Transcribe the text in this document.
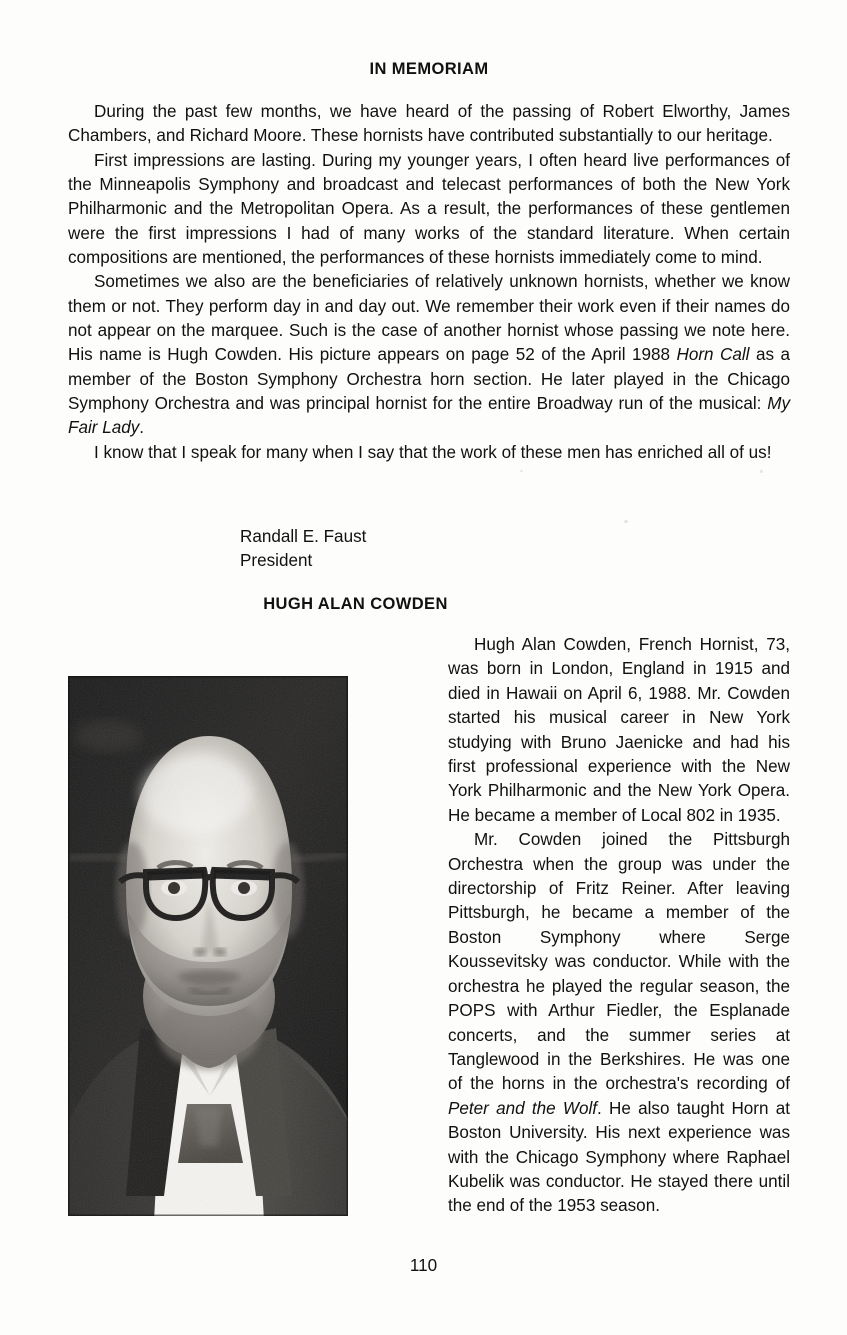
IN MEMORIAM

During the past few months, we have heard of the passing of Robert Elworthy, James Chambers, and Richard Moore. These hornists have contributed substantially to our heritage.

First impressions are lasting. During my younger years, I often heard live performances of the Minneapolis Symphony and broadcast and telecast performances of both the New York Philharmonic and the Metropolitan Opera. As a result, the performances of these gentlemen were the first impressions I had of many works of the standard literature. When certain compositions are mentioned, the performances of these hornists immediately come to mind.

Sometimes we also are the beneficiaries of relatively unknown hornists, whether we know them or not. They perform day in and day out. We remember their work even if their names do not appear on the marquee. Such is the case of another hornist whose passing we note here. His name is Hugh Cowden. His picture appears on page 52 of the April 1988 Horn Call as a member of the Boston Symphony Orchestra horn section. He later played in the Chicago Symphony Orchestra and was principal hornist for the entire Broadway run of the musical: My Fair Lady.

I know that I speak for many when I say that the work of these men has enriched all of us!

Randall E. Faust
President
HUGH ALAN COWDEN

Hugh Alan Cowden, French Hornist, 73, was born in London, England in 1915 and died in Hawaii on April 6, 1988. Mr. Cowden started his musical career in New York studying with Bruno Jaenicke and had his first professional experience with the New York Philharmonic and the New York Opera. He became a member of Local 802 in 1935.

Mr. Cowden joined the Pittsburgh Orchestra when the group was under the directorship of Fritz Reiner. After leaving Pittsburgh, he became a member of the Boston Symphony where Serge Koussevitsky was conductor. While with the orchestra he played the regular season, the POPS with Arthur Fiedler, the Esplanade concerts, and the summer series at Tanglewood in the Berkshires. He was one of the horns in the orchestra's recording of Peter and the Wolf. He also taught Horn at Boston University. His next experience was with the Chicago Symphony where Raphael Kubelik was conductor. He stayed there until the end of the 1953 season.

110
